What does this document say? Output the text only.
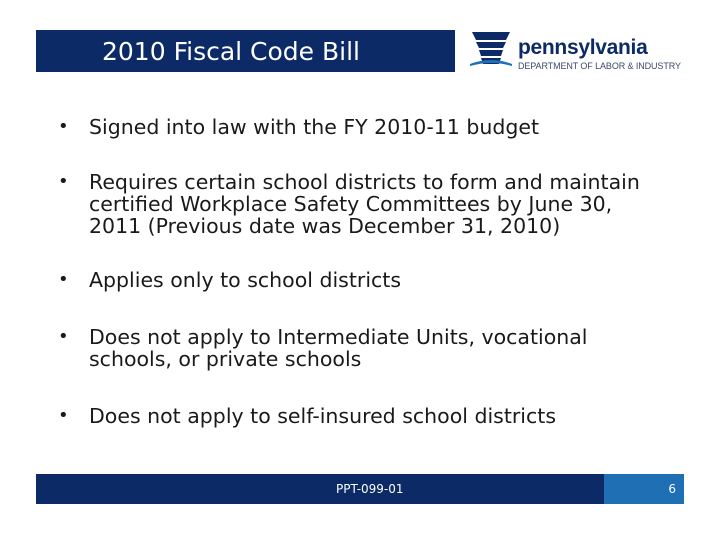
2010 Fiscal Code Bill	pennsylvania
DEPARTMENT OF LABOR & INDUSTRY
• Signed into law with the FY 2010-11 budget
• Requires certain school districts to form and maintain certified Workplace Safety Committees by June 30, 2011 (Previous date was December 31, 2010)
• Applies only to school districts
• Does not apply to Intermediate Units, vocational schools, or private schools
• Does not apply to self-insured school districts
PPT-099-01	6
